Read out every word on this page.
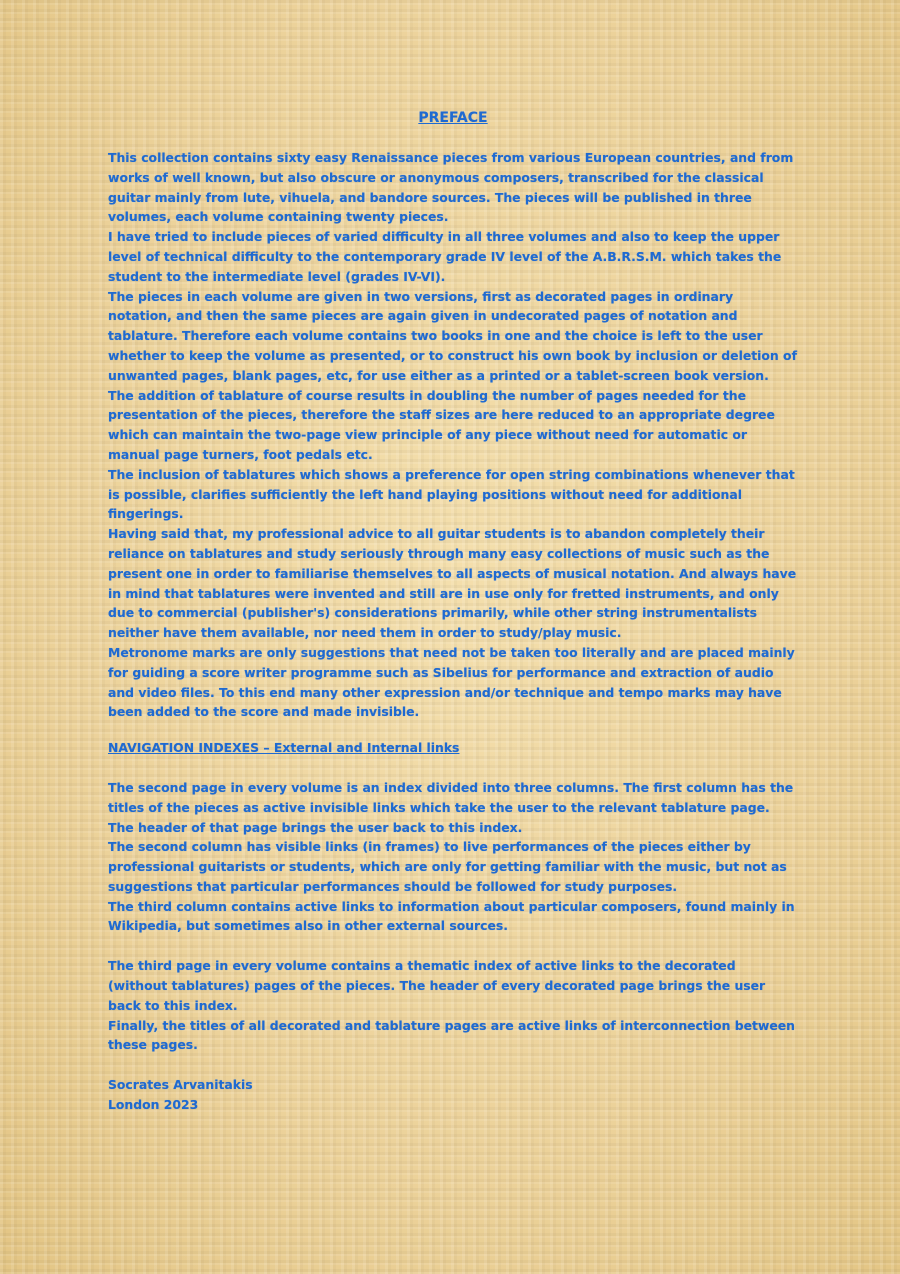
PREFACE

This collection contains sixty easy Renaissance pieces from various European countries, and from works of well known, but also obscure or anonymous composers, transcribed for the classical guitar mainly from lute, vihuela, and bandore sources. The pieces will be published in three volumes, each volume containing twenty pieces.

I have tried to include pieces of varied difficulty in all three volumes and also to keep the upper level of technical difficulty to the contemporary grade IV level of the A.B.R.S.M. which takes the student to the intermediate level (grades IV-VI).

The pieces in each volume are given in two versions, first as decorated pages in ordinary notation, and then the same pieces are again given in undecorated pages of notation and tablature. Therefore each volume contains two books in one and the choice is left to the user whether to keep the volume as presented, or to construct his own book by inclusion or deletion of unwanted pages, blank pages, etc, for use either as a printed or a tablet-screen book version. The addition of tablature of course results in doubling the number of pages needed for the presentation of the pieces, therefore the staff sizes are here reduced to an appropriate degree which can maintain the two-page view principle of any piece without need for automatic or manual page turners, foot pedals etc.

The inclusion of tablatures which shows a preference for open string combinations whenever that is possible, clarifies sufficiently the left hand playing positions without need for additional fingerings.

Having said that, my professional advice to all guitar students is to abandon completely their reliance on tablatures and study seriously through many easy collections of music such as the present one in order to familiarise themselves to all aspects of musical notation. And always have in mind that tablatures were invented and still are in use only for fretted instruments, and only due to commercial (publisher's) considerations primarily, while other string instrumentalists neither have them available, nor need them in order to study/play music.

Metronome marks are only suggestions that need not be taken too literally and are placed mainly for guiding a score writer programme such as Sibelius for performance and extraction of audio and video files. To this end many other expression and/or technique and tempo marks may have been added to the score and made invisible.

NAVIGATION INDEXES – External and Internal links

The second page in every volume is an index divided into three columns. The first column has the titles of the pieces as active invisible links which take the user to the relevant tablature page. The header of that page brings the user back to this index.

The second column has visible links (in frames) to live performances of the pieces either by professional guitarists or students, which are only for getting familiar with the music, but not as suggestions that particular performances should be followed for study purposes.

The third column contains active links to information about particular composers, found mainly in Wikipedia, but sometimes also in other external sources.

The third page in every volume contains a thematic index of active links to the decorated (without tablatures) pages of the pieces. The header of every decorated page brings the user back to this index.

Finally, the titles of all decorated and tablature pages are active links of interconnection between these pages.

Socrates Arvanitakis
London 2023
